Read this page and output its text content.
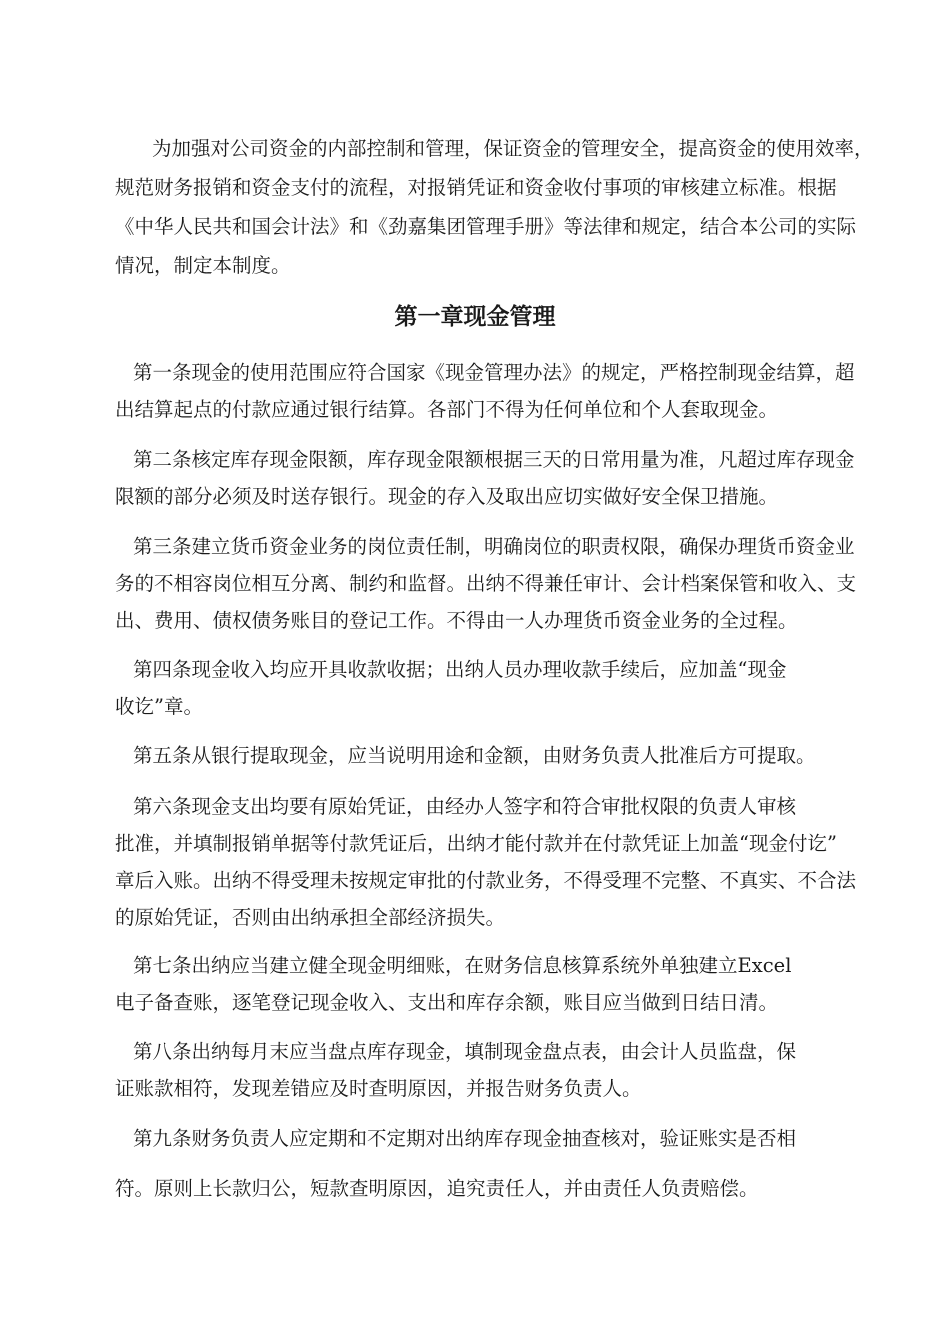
为加强对公司资金的内部控制和管理，保证资金的管理安全，提高资金的使用效率，
规范财务报销和资金支付的流程，对报销凭证和资金收付事项的审核建立标准。根据
《中华人民共和国会计法》和《劲嘉集团管理手册》等法律和规定，结合本公司的实际
情况，制定本制度。
第一章现金管理
第一条现金的使用范围应符合国家《现金管理办法》的规定，严格控制现金结算，超
出结算起点的付款应通过银行结算。各部门不得为任何单位和个人套取现金。
第二条核定库存现金限额，库存现金限额根据三天的日常用量为准，凡超过库存现金
限额的部分必须及时送存银行。现金的存入及取出应切实做好安全保卫措施。
第三条建立货币资金业务的岗位责任制，明确岗位的职责权限，确保办理货币资金业
务的不相容岗位相互分离、制约和监督。出纳不得兼任审计、会计档案保管和收入、支
出、费用、债权债务账目的登记工作。不得由一人办理货币资金业务的全过程。
第四条现金收入均应开具收款收据；出纳人员办理收款手续后，应加盖“现金
收讫”章。
第五条从银行提取现金，应当说明用途和金额，由财务负责人批准后方可提取。
第六条现金支出均要有原始凭证，由经办人签字和符合审批权限的负责人审核
批准，并填制报销单据等付款凭证后，出纳才能付款并在付款凭证上加盖“现金付讫”
章后入账。出纳不得受理未按规定审批的付款业务，不得受理不完整、不真实、不合法
的原始凭证，否则由出纳承担全部经济损失。
第七条出纳应当建立健全现金明细账，在财务信息核算系统外单独建立Excel
电子备查账，逐笔登记现金收入、支出和库存余额，账目应当做到日结日清。
第八条出纳每月末应当盘点库存现金，填制现金盘点表，由会计人员监盘，保
证账款相符，发现差错应及时查明原因，并报告财务负责人。
第九条财务负责人应定期和不定期对出纳库存现金抽查核对，验证账实是否相
符。原则上长款归公，短款查明原因，追究责任人，并由责任人负责赔偿。
